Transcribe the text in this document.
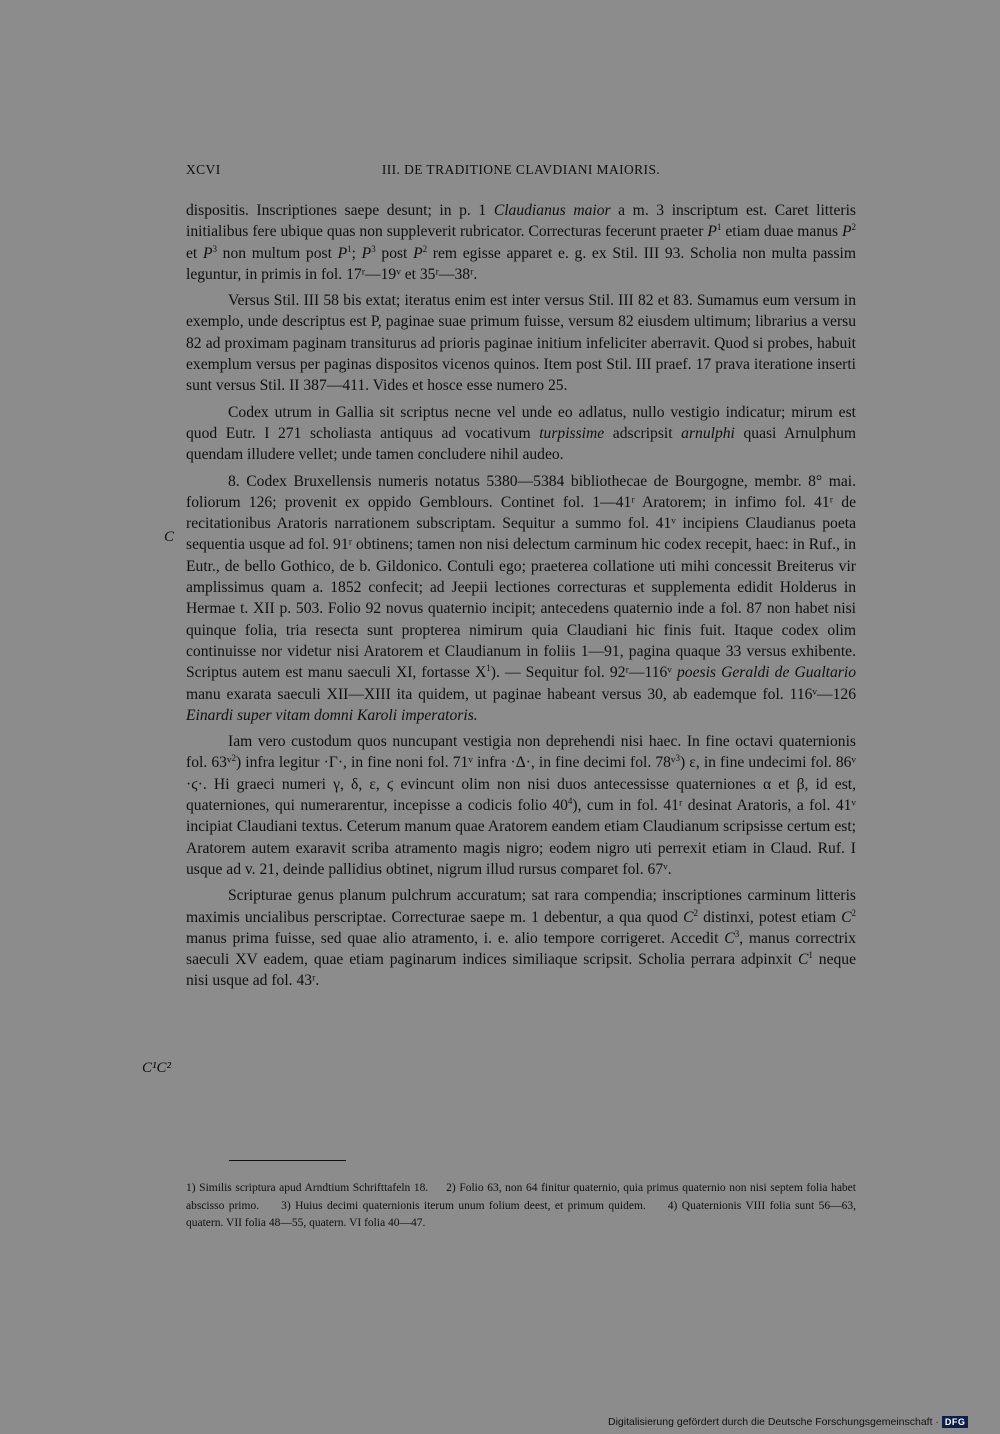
XCVI	III. DE TRADITIONE CLAVDIANI MAIORIS.
C
C¹C²

dispositis. Inscriptiones saepe desunt; in p. 1 Claudianus maior a m. 3 inscriptum est. Caret litteris initialibus fere ubique quas non suppleverit rubricator. Correcturas fecerunt praeter $P^1$ etiam duae manus $P^2$ et $P^3$ non multum post $P^1$; $P^3$ post $P^2$ rem egisse apparet e. g. ex Stil. III 93. Scholia non multa passim leguntur, in primis in fol. 17ʳ—19ᵛ et 35ʳ—38ʳ.

Versus Stil. III 58 bis extat; iteratus enim est inter versus Stil. III 82 et 83. Sumamus eum versum in exemplo, unde descriptus est P, paginae suae primum fuisse, versum 82 eiusdem ultimum; librarius a versu 82 ad proximam paginam transiturus ad prioris paginae initium infeliciter aberravit. Quod si probes, habuit exemplum versus per paginas dispositos vicenos quinos. Item post Stil. III praef. 17 prava iteratione inserti sunt versus Stil. II 387—411. Vides et hosce esse numero 25.

Codex utrum in Gallia sit scriptus necne vel unde eo adlatus, nullo vestigio indicatur; mirum est quod Eutr. I 271 scholiasta antiquus ad vocativum turpissime adscripsit arnulphi quasi Arnulphum quendam illudere vellet; unde tamen concludere nihil audeo.

8. Codex Bruxellensis numeris notatus 5380—5384 bibliothecae de Bourgogne, membr. 8° mai. foliorum 126; provenit ex oppido Gemblours. Continet fol. 1—41ʳ Aratorem; in infimo fol. 41ʳ de recitationibus Aratoris narrationem subscriptam. Sequitur a summo fol. 41ᵛ incipiens Claudianus poeta sequentia usque ad fol. 91ʳ obtinens; tamen non nisi delectum carminum hic codex recepit, haec: in Ruf., in Eutr., de bello Gothico, de b. Gildonico. Contuli ego; praeterea collatione uti mihi concessit Breiterus vir amplissimus quam a. 1852 confecit; ad Jeepii lectiones correcturas et supplementa edidit Holderus in Hermae t. XII p. 503. Folio 92 novus quaternio incipit; antecedens quaternio inde a fol. 87 non habet nisi quinque folia, tria resecta sunt propterea nimirum quia Claudiani hic finis fuit. Itaque codex olim continuisse nor videtur nisi Aratorem et Claudianum in foliis 1—91, pagina quaque 33 versus exhibente. Scriptus autem est manu saeculi XI, fortasse $X^1$). — Sequitur fol. 92ʳ—116ᵛ poesis Geraldi de Gualtario manu exarata saeculi XII—XIII ita quidem, ut paginae habeant versus 30, ab eademque fol. 116ᵛ—126 Einardi super vitam domni Karoli imperatoris.

Iam vero custodum quos nuncupant vestigia non deprehendi nisi haec. In fine octavi quaternionis fol. 63ᵛ$^2$) infra legitur ·Γ·, in fine noni fol. 71ᵛ infra ·Δ·, in fine decimi fol. 78ᵛ$^3$) ε, in fine undecimi fol. 86ᵛ ·ϛ·. Hi graeci numeri γ, δ, ε, ϛ evincunt olim non nisi duos antecessisse quaterniones α et β, id est, quaterniones, qui numerarentur, incepisse a codicis folio $40^4$), cum in fol. 41ʳ desinat Aratoris, a fol. 41ᵛ incipiat Claudiani textus. Ceterum manum quae Aratorem eandem etiam Claudianum scripsisse certum est; Aratorem autem exaravit scriba atramento magis nigro; eodem nigro uti perrexit etiam in Claud. Ruf. I usque ad v. 21, deinde pallidius obtinet, nigrum illud rursus comparet fol. 67ᵛ.

Scripturae genus planum pulchrum accuratum; sat rara compendia; inscriptiones carminum litteris maximis uncialibus perscriptae. Correcturae saepe m. 1 debentur, a qua quod $C^2$ distinxi, potest etiam $C^2$ manus prima fuisse, sed quae alio atramento, i. e. alio tempore corrigeret. Accedit $C^3$, manus correctrix saeculi XV eadem, quae etiam paginarum indices similiaque scripsit. Scholia perrara adpinxit $C^1$ neque nisi usque ad fol. 43ʳ.

1) Similis scriptura apud Arndtium Schrifttafeln 18. 2) Folio 63, non 64 finitur quaternio, quia primus quaternio non nisi septem folia habet abscisso primo. 3) Huius decimi quaternionis iterum unum folium deest, et primum quidem. 4) Quaternionis VIII folia sunt 56—63, quatern. VII folia 48—55, quatern. VI folia 40—47.
Digitalisierung gefördert durch die Deutsche Forschungsgemeinschaft · DFG
